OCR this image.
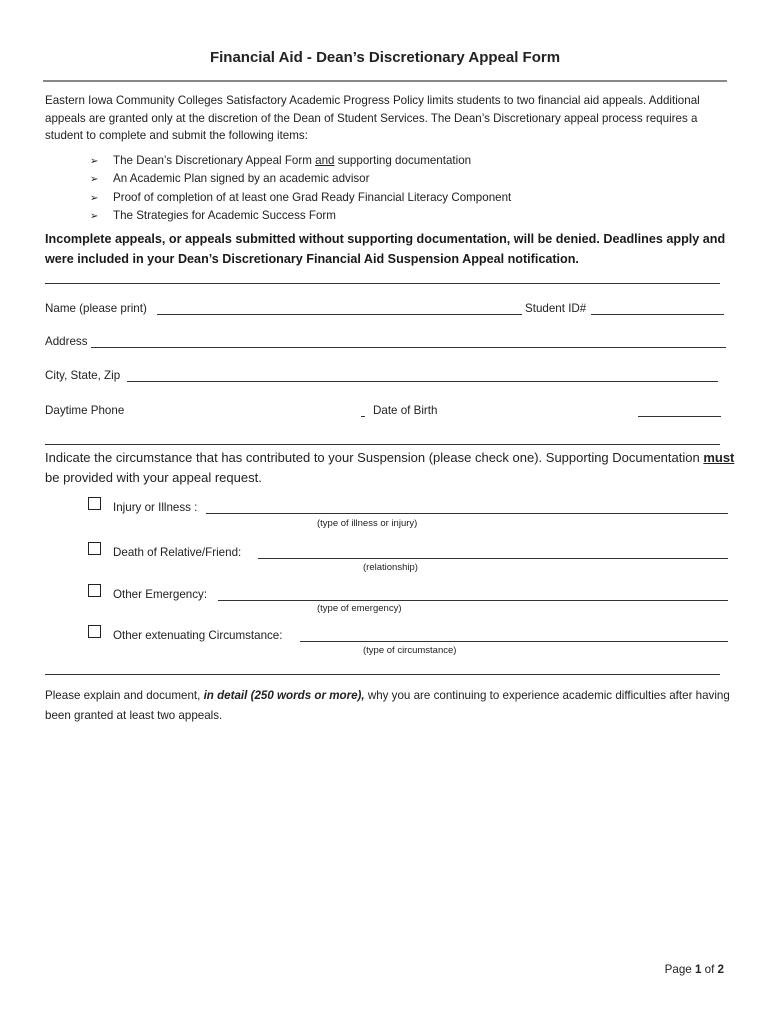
Financial Aid - Dean’s Discretionary Appeal Form
Eastern Iowa Community Colleges Satisfactory Academic Progress Policy limits students to two financial aid appeals. Additional appeals are granted only at the discretion of the Dean of Student Services. The Dean’s Discretionary appeal process requires a student to complete and submit the following items:
➢ The Dean’s Discretionary Appeal Form and supporting documentation
➢ An Academic Plan signed by an academic advisor
➢ Proof of completion of at least one Grad Ready Financial Literacy Component
➢ The Strategies for Academic Success Form
Incomplete appeals, or appeals submitted without supporting documentation, will be denied. Deadlines apply and were included in your Dean’s Discretionary Financial Aid Suspension Appeal notification.
Name (please print)	Student ID#
Address
City, State, Zip
Daytime Phone	Date of Birth
Indicate the circumstance that has contributed to your Suspension (please check one). Supporting Documentation must be provided with your appeal request.
Injury or Illness :
(type of illness or injury)
Death of Relative/Friend:
(relationship)
Other Emergency:
(type of emergency)
Other extenuating Circumstance:
(type of circumstance)
Please explain and document, in detail (250 words or more), why you are continuing to experience academic difficulties after having been granted at least two appeals.
Page 1 of 2
